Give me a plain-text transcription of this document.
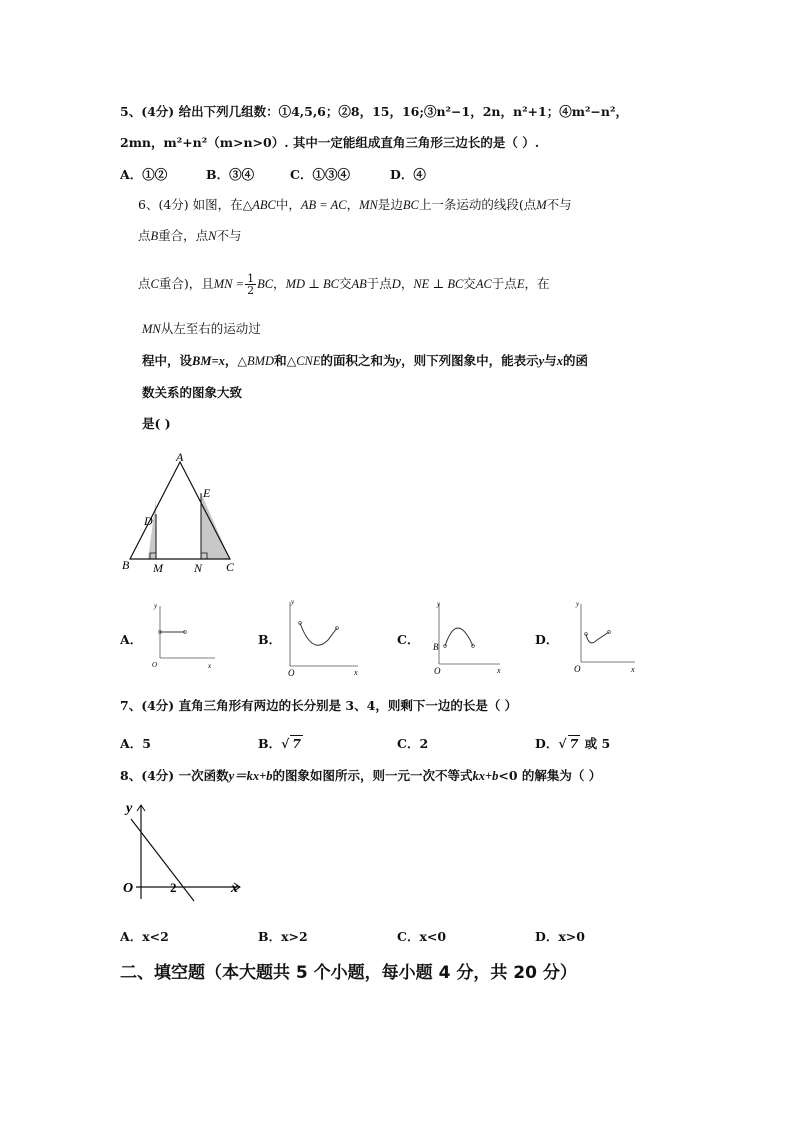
5、(4分) 给出下列几组数：①4,5,6；②8，15，16;③n²−1，2n，n²+1；④m²−n²，
2mn，m²+n²（m>n>0）. 其中一定能组成直角三角形三边长的是（ ）.
A．①②	B．③④	C．①③④	D．④
6、(4分) 如图，在△ABC中，AB = AC，MN是边BC上一条运动的线段(点M不与
点B重合，点N不与
点C重合)，且MN = $\frac{1}{2}$ BC，MD ⊥ BC交AB于点D，NE ⊥ BC交AC于点E，在
MN从左至右的运动过
程中，设BM=x，△BMD和△CNE的面积之和为y，则下列图象中，能表示y与x的函
数关系的图象大致
是( )
A
B	C
D
E
M	N
A．
y
x
O
B．
y
x
O
C．
y
x
B
O
D．
y
x
O
7、(4分) 直角三角形有两边的长分别是 3、4，则剩下一边的长是（ ）
A．5	B．√ 7	C．2	D．√ 7 或 5
8、(4分) 一次函数y＝kx+b的图象如图所示，则一元一次不等式kx+b<0 的解集为（ ）
y
x
O	2
A．x<2	B．x>2	C．x<0	D．x>0
二、填空题（本大题共 5 个小题，每小题 4 分，共 20 分）
